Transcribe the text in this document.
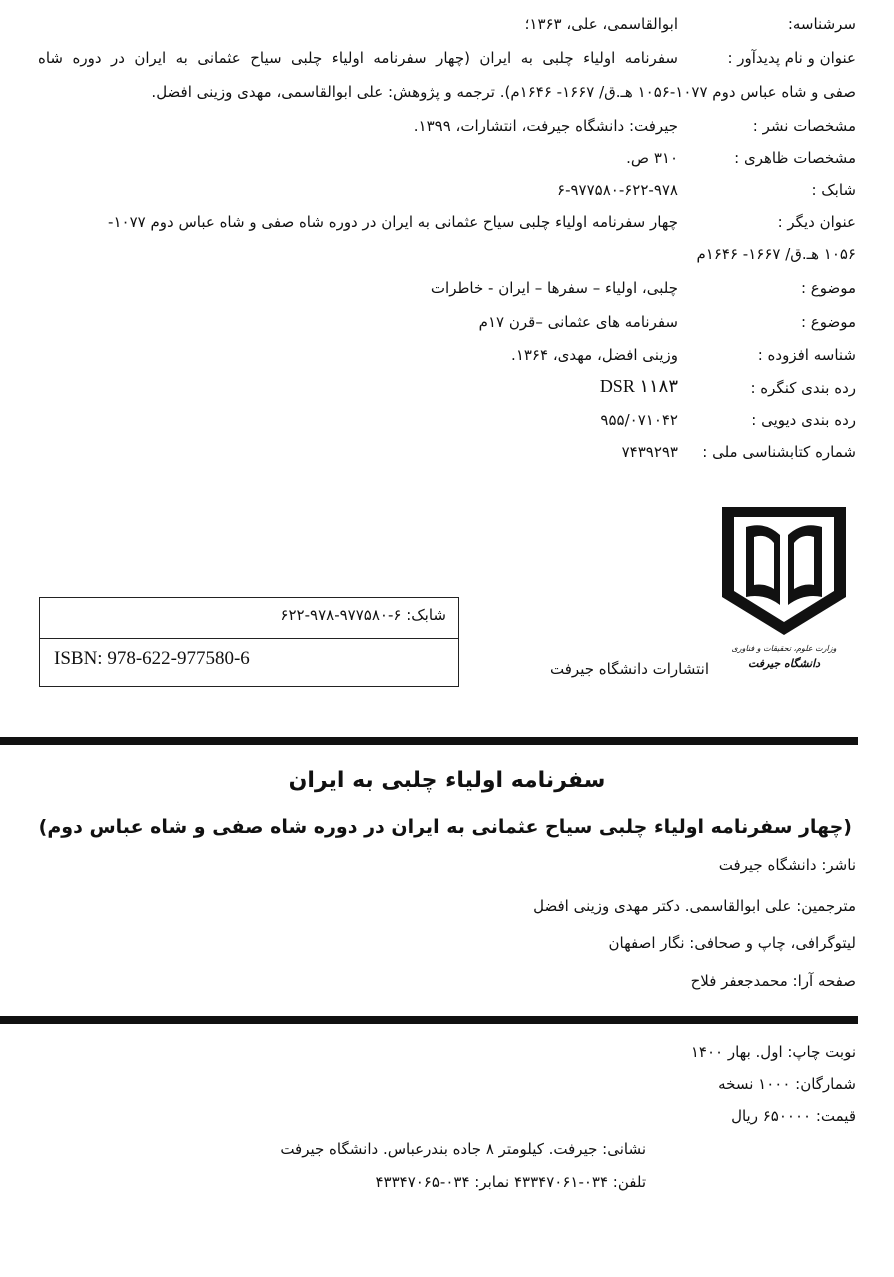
سرشناسه:
ابوالقاسمی، علی، ۱۳۶۳؛
عنوان و نام پدیدآور :
سفرنامه اولیاء چلبی به ایران (چهار سفرنامه اولیاء چلبی سیاح عثمانی به ایران در دوره شاه
صفی و شاه عباس دوم ۱۰۷۷-۱۰۵۶ هـ.ق/ ۱۶۶۷- ۱۶۴۶م). ترجمه و پژوهش: علی ابوالقاسمی، مهدی وزینی افضل.
مشخصات نشر :
جیرفت: دانشگاه جیرفت، انتشارات، ۱۳۹۹.
مشخصات ظاهری :
۳۱۰ ص.
شابک :
۶-۹۷۷۵۸۰-۶۲۲-۹۷۸
عنوان دیگر :
چهار سفرنامه اولیاء چلبی سیاح عثمانی به ایران در دوره شاه صفی و شاه عباس دوم ۱۰۷۷-
۱۰۵۶ هـ.ق/ ۱۶۶۷- ۱۶۴۶م
موضوع :
چلبی، اولیاء – سفرها – ایران - خاطرات
موضوع :
سفرنامه های عثمانی –قرن ۱۷م
شناسه افزوده :
وزینی افضل، مهدی، ۱۳۶۴.
رده بندی کنگره :
DSR ۱۱۸۳
رده بندی دیویی :
۹۵۵/۰۷۱۰۴۲
شماره کتابشناسی ملی :
۷۴۳۹۲۹۳
وزارت علوم، تحقیقات و فناوری
دانشگاه جیرفت
شابک: ۶-۹۷۷۵۸۰-۹۷۸-۶۲۲
ISBN: 978-622-977580-6	انتشارات دانشگاه جیرفت
سفرنامه اولیاء چلبی به ایران
(چهار سفرنامه اولیاء چلبی سیاح عثمانی به ایران در دوره شاه صفی و شاه عباس دوم)
ناشر: دانشگاه جیرفت
مترجمین: علی ابوالقاسمی. دکتر مهدی وزینی افضل
لیتوگرافی، چاپ و صحافی: نگار اصفهان
صفحه آرا: محمدجعفر فلاح
نوبت چاپ: اول. بهار ۱۴۰۰
شمارگان: ۱۰۰۰ نسخه
قیمت: ۶۵۰۰۰۰ ریال
نشانی: جیرفت. کیلومتر ۸ جاده بندرعباس. دانشگاه جیرفت
تلفن: ۰۳۴-۴۳۳۴۷۰۶۱ نمابر: ۰۳۴-۴۳۳۴۷۰۶۵
